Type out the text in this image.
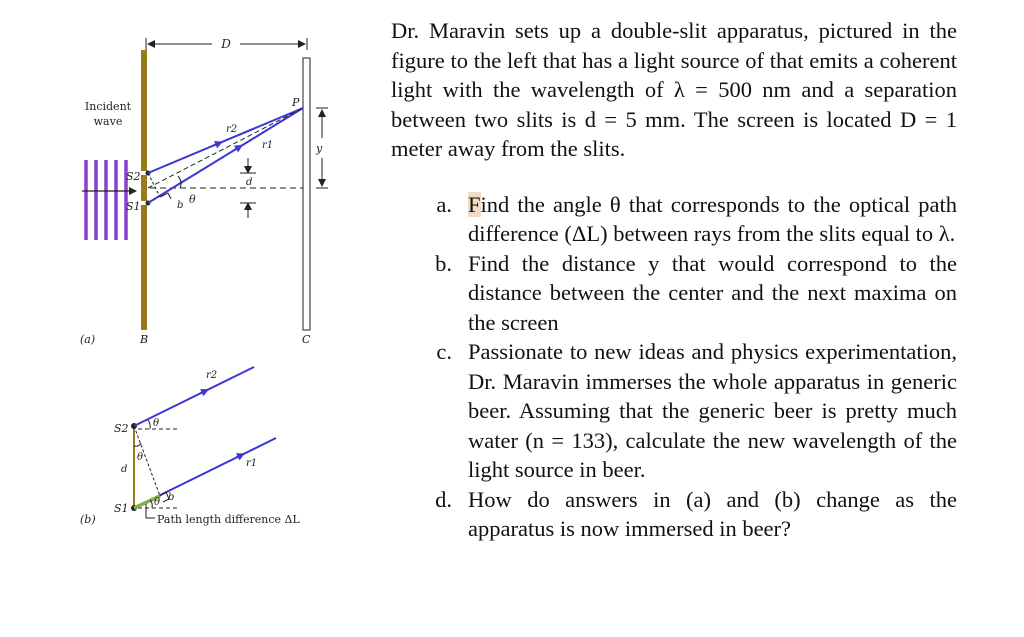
Incident
wave
S2
S1
D
P
r2
r1
b θ
d
y
(a)	B	C
S2
S1
r2
r1
θ
θ
θ
d
b
Path length difference ΔL
(b)

Dr. Maravin sets up a double-slit apparatus, pictured in the figure to the left that has a light source of that emits a coherent light with the wavelength of λ = 500 nm and a separation between two slits is d = 5 mm. The screen is located D = 1 meter away from the slits.

a. Find the angle θ that corresponds to the optical path difference (ΔL) between rays from the slits equal to λ.
b. Find the distance y that would correspond to the distance between the center and the next maxima on the screen
c. Passionate to new ideas and physics experimentation, Dr. Maravin immerses the whole apparatus in generic beer. Assuming that the generic beer is pretty much water (n = 133), calculate the new wavelength of the light source in beer.
d. How do answers in (a) and (b) change as the apparatus is now immersed in beer?
